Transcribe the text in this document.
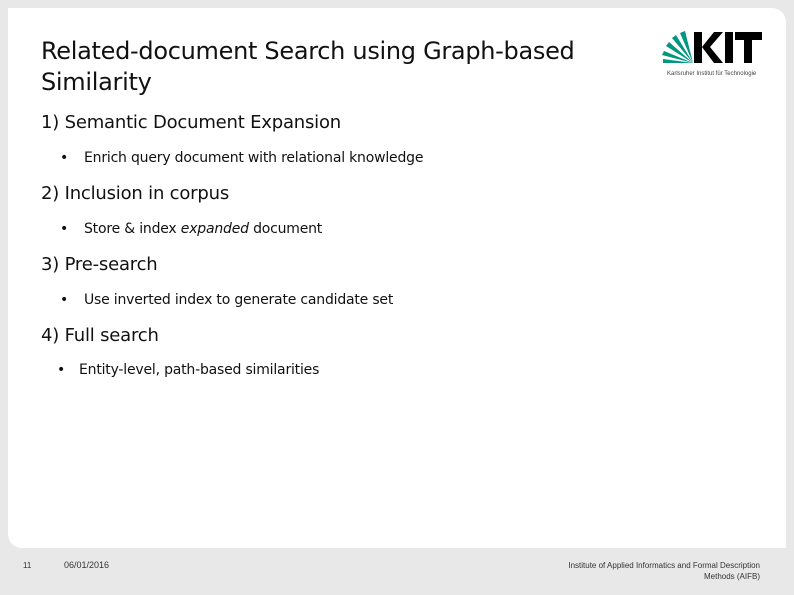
Related-document Search using Graph-based
Similarity	Karlsruher Institut für Technologie
1) Semantic Document Expansion
• Enrich query document with relational knowledge
2) Inclusion in corpus
• Store & index expanded document
3) Pre-search
• Use inverted index to generate candidate set
4) Full search
• Entity-level, path-based similarities
11	06/01/2016	Institute of Applied Informatics and Formal Description
Methods (AIFB)
